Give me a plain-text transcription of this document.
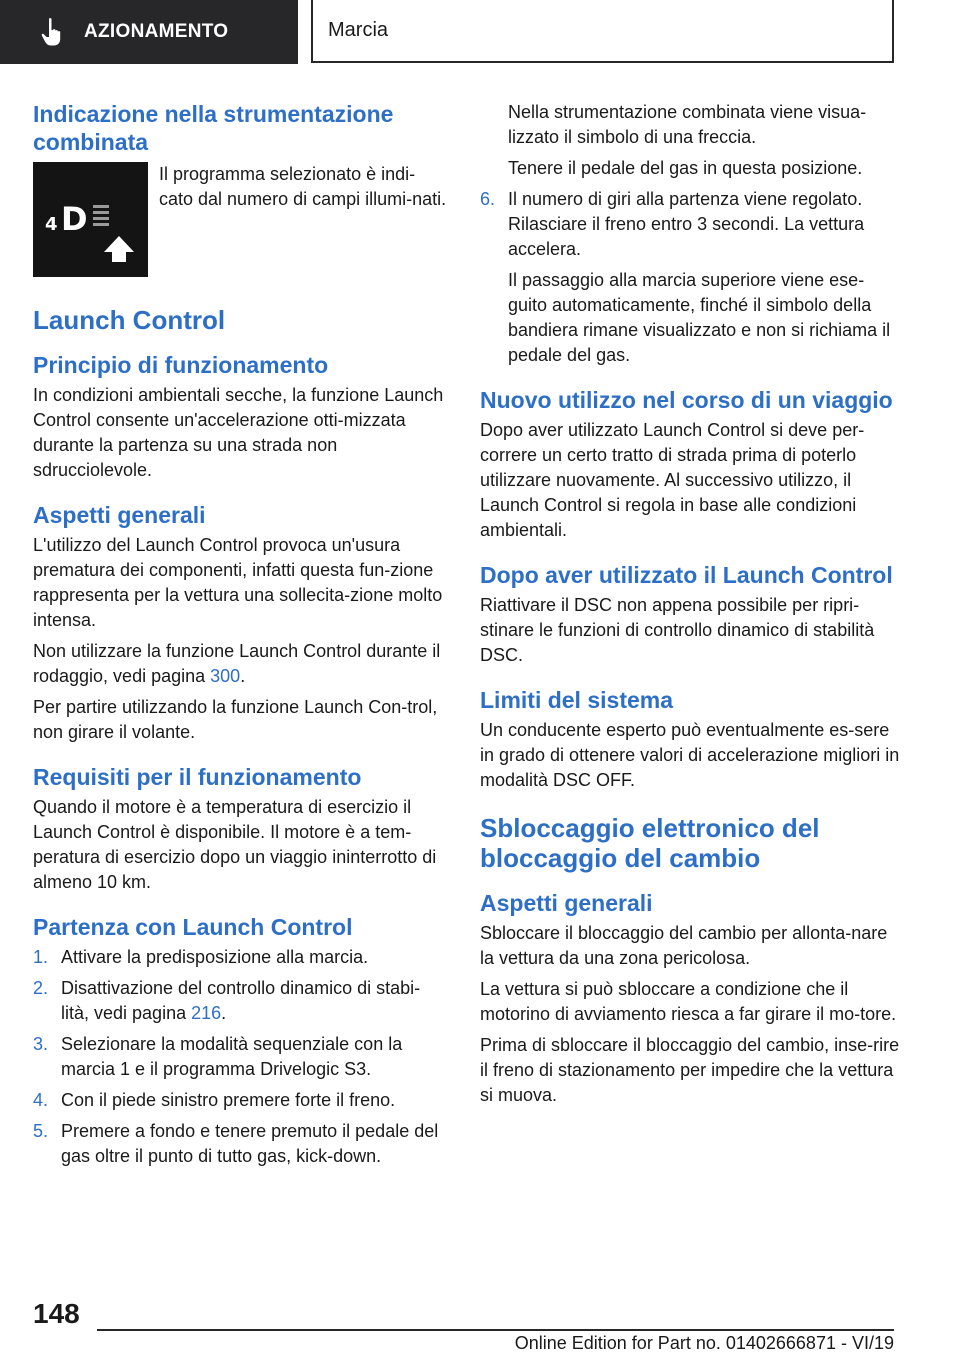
AZIONAMENTO	Marcia
Indicazione nella strumentazione combinata
4 D

Il programma selezionato è indi-cato dal numero di campi illumi-nati.

Launch Control
Principio di funzionamento

In condizioni ambientali secche, la funzione Launch Control consente un'accelerazione otti-mizzata durante la partenza su una strada non sdrucciolevole.

Aspetti generali

L'utilizzo del Launch Control provoca un'usura prematura dei componenti, infatti questa fun-zione rappresenta per la vettura una sollecita-zione molto intensa.

Non utilizzare la funzione Launch Control durante il rodaggio, vedi pagina 300.

Per partire utilizzando la funzione Launch Con-trol, non girare il volante.

Requisiti per il funzionamento

Quando il motore è a temperatura di esercizio il Launch Control è disponibile. Il motore è a tem-peratura di esercizio dopo un viaggio ininterrotto di almeno 10 km.

Partenza con Launch Control
1. Attivare la predisposizione alla marcia.
2. Disattivazione del controllo dinamico di stabi-lità, vedi pagina 216.
3. Selezionare la modalità sequenziale con la marcia 1 e il programma Drivelogic S3.
4. Con il piede sinistro premere forte il freno.
5. Premere a fondo e tenere premuto il pedale del gas oltre il punto di tutto gas, kick-down.

Nella strumentazione combinata viene visua-lizzato il simbolo di una freccia.

Tenere il pedale del gas in questa posizione.

6. Il numero di giri alla partenza viene regolato. Rilasciare il freno entro 3 secondi. La vettura accelera.

Il passaggio alla marcia superiore viene ese-guito automaticamente, finché il simbolo della bandiera rimane visualizzato e non si richiama il pedale del gas.

Nuovo utilizzo nel corso di un viaggio

Dopo aver utilizzato Launch Control si deve per-correre un certo tratto di strada prima di poterlo utilizzare nuovamente. Al successivo utilizzo, il Launch Control si regola in base alle condizioni ambientali.

Dopo aver utilizzato il Launch Control

Riattivare il DSC non appena possibile per ripri-stinare le funzioni di controllo dinamico di stabilità DSC.

Limiti del sistema

Un conducente esperto può eventualmente es-sere in grado di ottenere valori di accelerazione migliori in modalità DSC OFF.

Sbloccaggio elettronico del bloccaggio del cambio
Aspetti generali

Sbloccare il bloccaggio del cambio per allonta-nare la vettura da una zona pericolosa.

La vettura si può sbloccare a condizione che il motorino di avviamento riesca a far girare il mo-tore.

Prima di sbloccare il bloccaggio del cambio, inse-rire il freno di stazionamento per impedire che la vettura si muova.

148
Online Edition for Part no. 01402666871 - VI/19
